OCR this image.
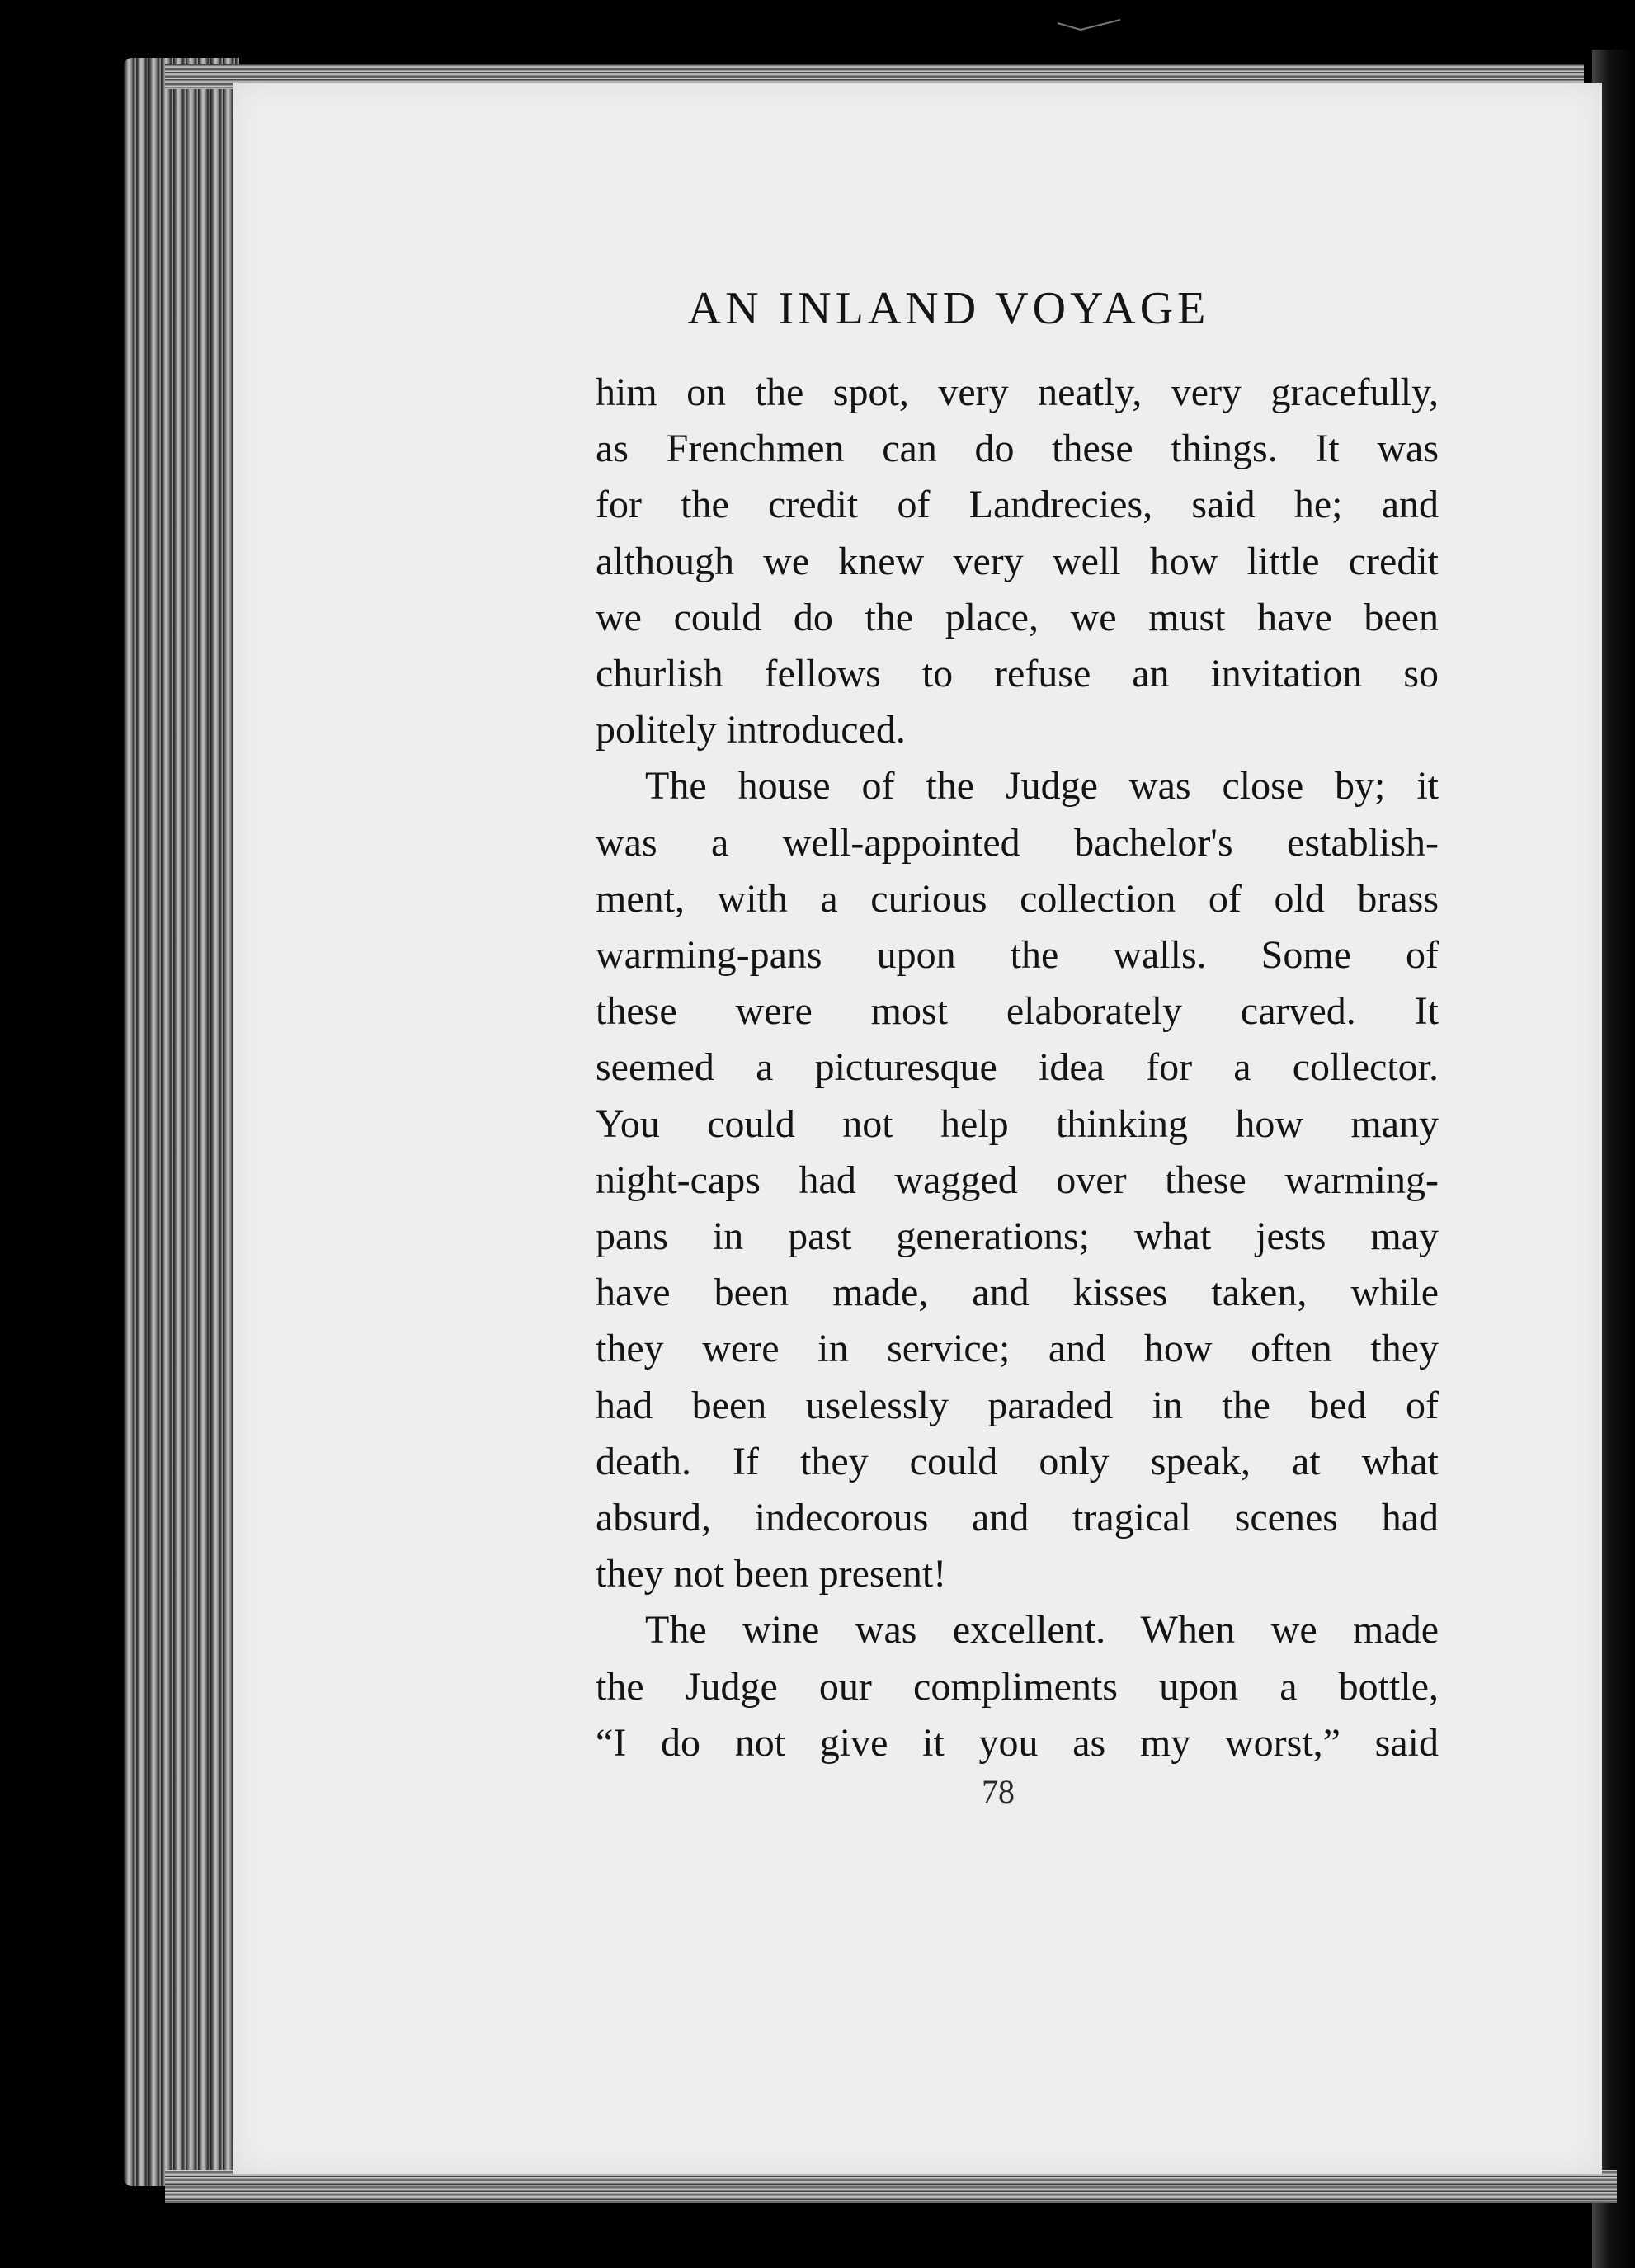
AN INLAND VOYAGE
him on the spot, very neatly, very gracefully,
as Frenchmen can do these things. It was
for the credit of Landrecies, said he; and
although we knew very well how little credit
we could do the place, we must have been
churlish fellows to refuse an invitation so
politely introduced.
The house of the Judge was close by; it
was a well-appointed bachelor's establish-
ment, with a curious collection of old brass
warming-pans upon the walls. Some of
these were most elaborately carved. It
seemed a picturesque idea for a collector.
You could not help thinking how many
night-caps had wagged over these warming-
pans in past generations; what jests may
have been made, and kisses taken, while
they were in service; and how often they
had been uselessly paraded in the bed of
death. If they could only speak, at what
absurd, indecorous and tragical scenes had
they not been present!
The wine was excellent. When we made
the Judge our compliments upon a bottle,
“I do not give it you as my worst,” said
78
